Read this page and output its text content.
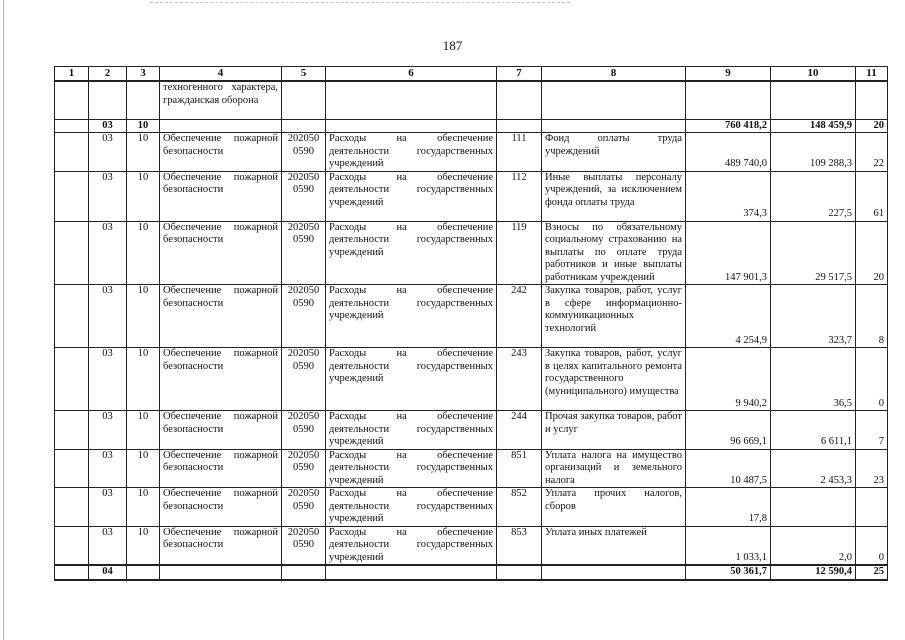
187
1	2	3	4	5	6	7	8	9	10	11
			техногенного характера, гражданская оборона							
	03	10						760 418,2	148 459,9	20
	03	10	Обеспечение пожарной безопасности	202050 0590	Расходы на обеспечение деятельности государственных учреждений	111	Фонд оплаты труда учреждений	489 740,0	109 288,3	22
	03	10	Обеспечение пожарной безопасности	202050 0590	Расходы на обеспечение деятельности государственных учреждений	112	Иные выплаты персоналу учреждений, за исключением фонда оплаты труда	374,3	227,5	61
	03	10	Обеспечение пожарной безопасности	202050 0590	Расходы на обеспечение деятельности государственных учреждений	119	Взносы по обязательному социальному страхованию на выплаты по оплате труда работников и иные выплаты работникам учреждений	147 901,3	29 517,5	20
	03	10	Обеспечение пожарной безопасности	202050 0590	Расходы на обеспечение деятельности государственных учреждений	242	Закупка товаров, работ, услуг в сфере информационно-коммуникационных технологий	4 254,9	323,7	8
	03	10	Обеспечение пожарной безопасности	202050 0590	Расходы на обеспечение деятельности государственных учреждений	243	Закупка товаров, работ, услуг в целях капитального ремонта государственного (муниципального) имущества	9 940,2	36,5	0
	03	10	Обеспечение пожарной безопасности	202050 0590	Расходы на обеспечение деятельности государственных учреждений	244	Прочая закупка товаров, работ и услуг	96 669,1	6 611,1	7
	03	10	Обеспечение пожарной безопасности	202050 0590	Расходы на обеспечение деятельности государственных учреждений	851	Уплата налога на имущество организаций и земельного налога	10 487,5	2 453,3	23
	03	10	Обеспечение пожарной безопасности	202050 0590	Расходы на обеспечение деятельности государственных учреждений	852	Уплата прочих налогов, сборов	17,8		
	03	10	Обеспечение пожарной безопасности	202050 0590	Расходы на обеспечение деятельности государственных учреждений	853	Уплата иных платежей	1 033,1	2,0	0
	04							50 361,7	12 590,4	25
